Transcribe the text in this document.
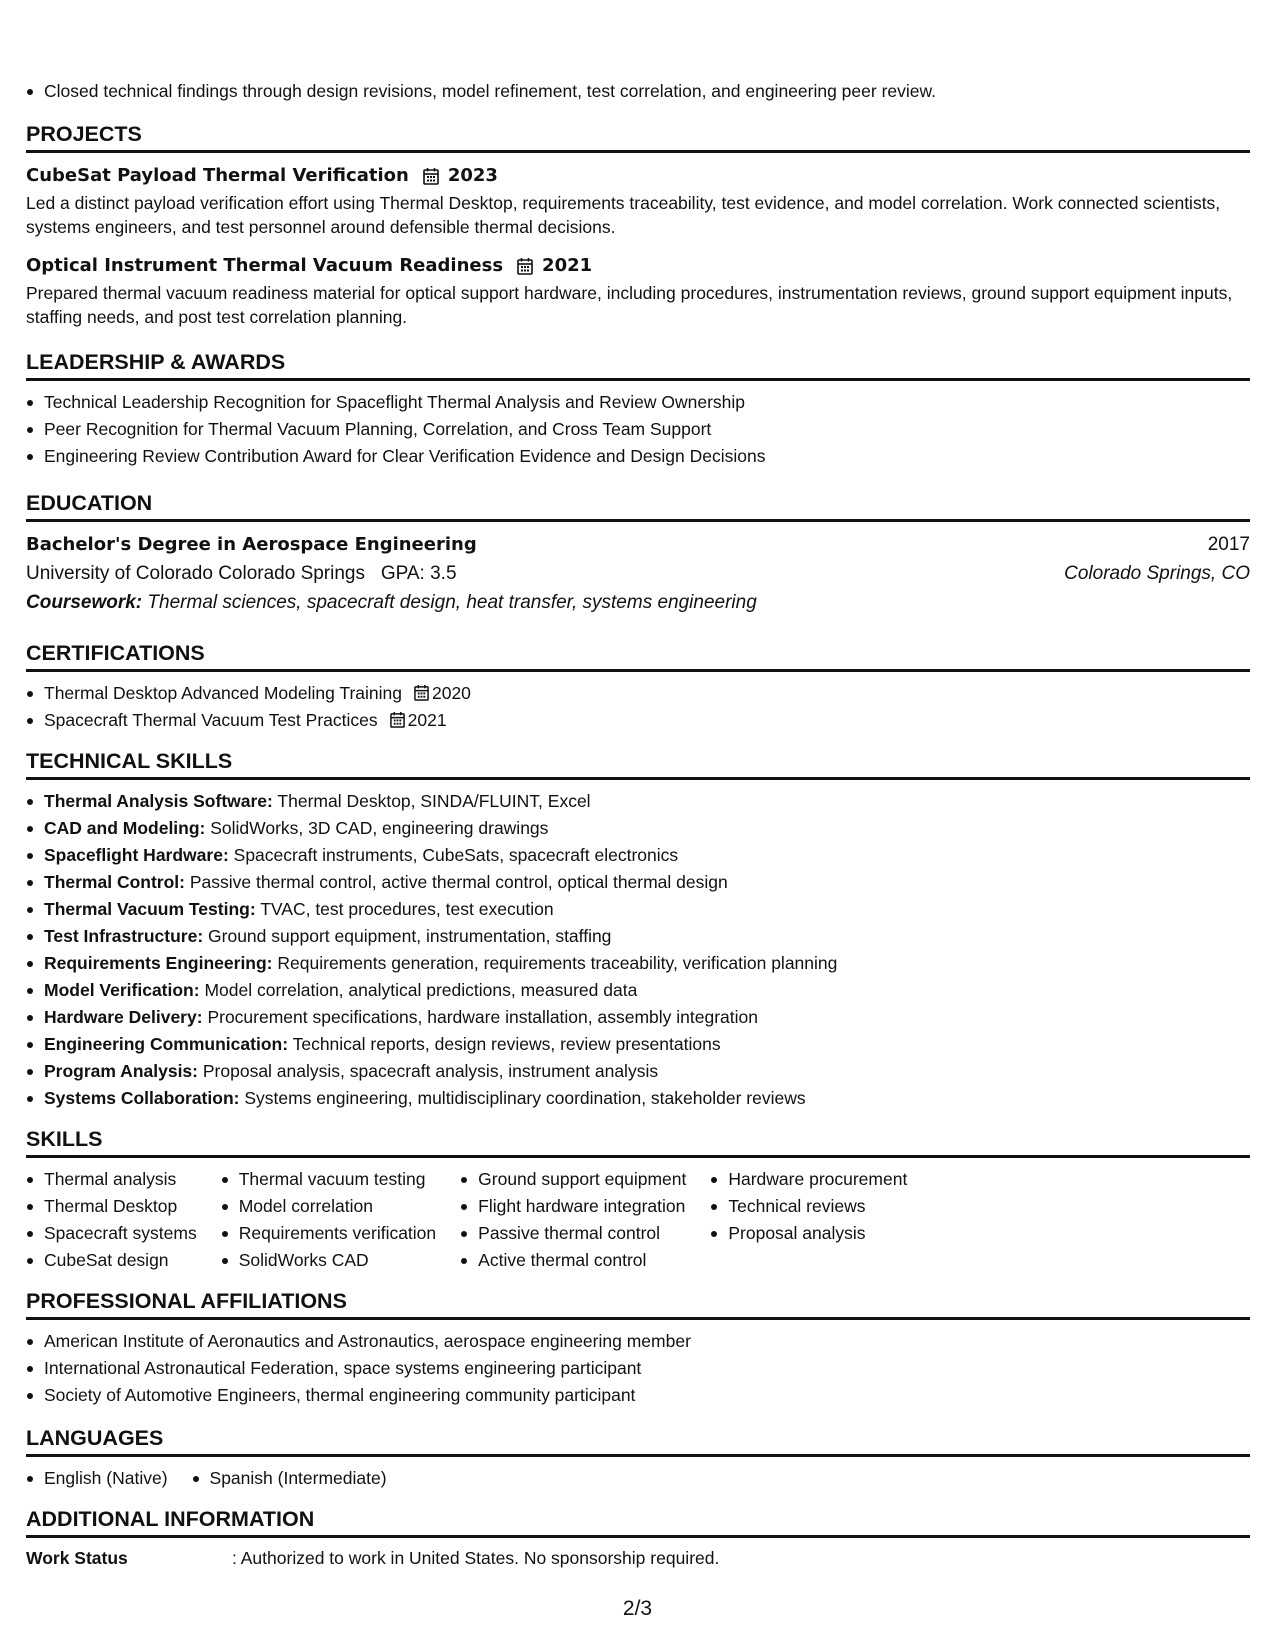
Closed technical findings through design revisions, model refinement, test correlation, and engineering peer review.
PROJECTS
CubeSat Payload Thermal Verification 2023
Led a distinct payload verification effort using Thermal Desktop, requirements traceability, test evidence, and model correlation. Work connected scientists, systems engineers, and test personnel around defensible thermal decisions.
Optical Instrument Thermal Vacuum Readiness 2021
Prepared thermal vacuum readiness material for optical support hardware, including procedures, instrumentation reviews, ground support equipment inputs, staffing needs, and post test correlation planning.
LEADERSHIP & AWARDS
Technical Leadership Recognition for Spaceflight Thermal Analysis and Review Ownership
Peer Recognition for Thermal Vacuum Planning, Correlation, and Cross Team Support
Engineering Review Contribution Award for Clear Verification Evidence and Design Decisions
EDUCATION
Bachelor's Degree in Aerospace Engineering	2017
University of Colorado Colorado Springs GPA: 3.5	Colorado Springs, CO
Coursework: Thermal sciences, spacecraft design, heat transfer, systems engineering
CERTIFICATIONS
Thermal Desktop Advanced Modeling Training 2020
Spacecraft Thermal Vacuum Test Practices 2021
TECHNICAL SKILLS
Thermal Analysis Software: Thermal Desktop, SINDA/FLUINT, Excel
CAD and Modeling: SolidWorks, 3D CAD, engineering drawings
Spaceflight Hardware: Spacecraft instruments, CubeSats, spacecraft electronics
Thermal Control: Passive thermal control, active thermal control, optical thermal design
Thermal Vacuum Testing: TVAC, test procedures, test execution
Test Infrastructure: Ground support equipment, instrumentation, staffing
Requirements Engineering: Requirements generation, requirements traceability, verification planning
Model Verification: Model correlation, analytical predictions, measured data
Hardware Delivery: Procurement specifications, hardware installation, assembly integration
Engineering Communication: Technical reports, design reviews, review presentations
Program Analysis: Proposal analysis, spacecraft analysis, instrument analysis
Systems Collaboration: Systems engineering, multidisciplinary coordination, stakeholder reviews
SKILLS
Thermal analysis
Thermal Desktop
Spacecraft systems
CubeSat design
Thermal vacuum testing
Model correlation
Requirements verification
SolidWorks CAD
Ground support equipment
Flight hardware integration
Passive thermal control
Active thermal control
Hardware procurement
Technical reviews
Proposal analysis
PROFESSIONAL AFFILIATIONS
American Institute of Aeronautics and Astronautics, aerospace engineering member
International Astronautical Federation, space systems engineering participant
Society of Automotive Engineers, thermal engineering community participant
LANGUAGES
English (Native) Spanish (Intermediate)
ADDITIONAL INFORMATION
Work Status	: Authorized to work in United States. No sponsorship required.
2/3
